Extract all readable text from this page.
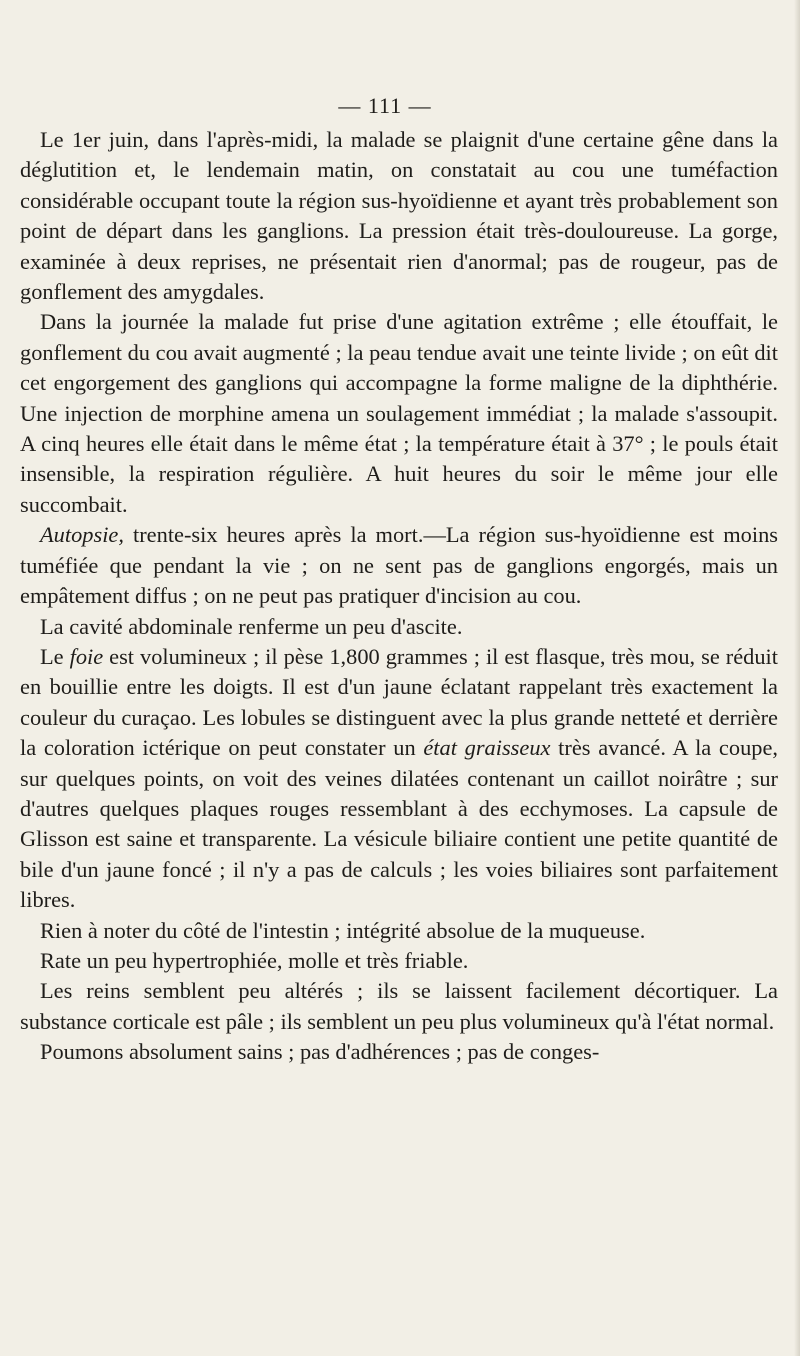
— 111 —

Le 1er juin, dans l'après-midi, la malade se plaignit d'une certaine gêne dans la déglutition et, le lendemain matin, on constatait au cou une tuméfaction considérable occupant toute la région sus-hyoïdienne et ayant très probablement son point de départ dans les ganglions. La pression était très-douloureuse. La gorge, examinée à deux reprises, ne présentait rien d'anormal; pas de rougeur, pas de gonflement des amygdales.

Dans la journée la malade fut prise d'une agitation extrême ; elle étouffait, le gonflement du cou avait augmenté ; la peau tendue avait une teinte livide ; on eût dit cet engorgement des ganglions qui accompagne la forme maligne de la diphthérie. Une injection de morphine amena un soulagement immédiat ; la malade s'assoupit. A cinq heures elle était dans le même état ; la température était à 37° ; le pouls était insensible, la respiration régulière. A huit heures du soir le même jour elle succombait.

Autopsie, trente-six heures après la mort.—La région sus-hyoïdienne est moins tuméfiée que pendant la vie ; on ne sent pas de ganglions engorgés, mais un empâtement diffus ; on ne peut pas pratiquer d'incision au cou.

La cavité abdominale renferme un peu d'ascite.

Le foie est volumineux ; il pèse 1,800 grammes ; il est flasque, très mou, se réduit en bouillie entre les doigts. Il est d'un jaune éclatant rappelant très exactement la couleur du curaçao. Les lobules se distinguent avec la plus grande netteté et derrière la coloration ictérique on peut constater un état graisseux très avancé. A la coupe, sur quelques points, on voit des veines dilatées contenant un caillot noirâtre ; sur d'autres quelques plaques rouges ressemblant à des ecchymoses. La capsule de Glisson est saine et transparente. La vésicule biliaire contient une petite quantité de bile d'un jaune foncé ; il n'y a pas de calculs ; les voies biliaires sont parfaitement libres.

Rien à noter du côté de l'intestin ; intégrité absolue de la muqueuse.

Rate un peu hypertrophiée, molle et très friable.

Les reins semblent peu altérés ; ils se laissent facilement décortiquer. La substance corticale est pâle ; ils semblent un peu plus volumineux qu'à l'état normal.

Poumons absolument sains ; pas d'adhérences ; pas de conges-
